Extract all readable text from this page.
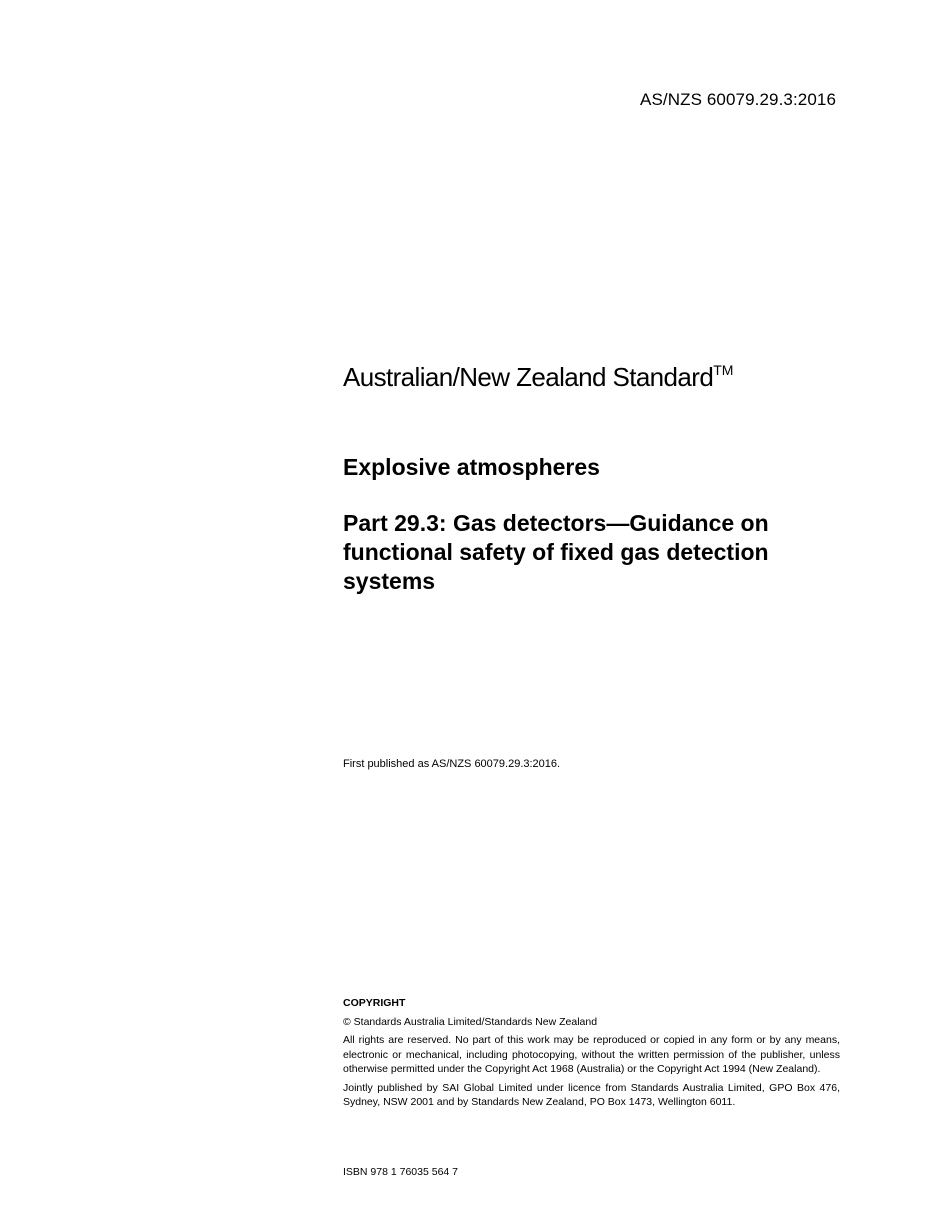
AS/NZS 60079.29.3:2016
Australian/New Zealand Standard™
Explosive atmospheres
Part 29.3: Gas detectors—Guidance on functional safety of fixed gas detection systems
First published as AS/NZS 60079.29.3:2016.
COPYRIGHT

© Standards Australia Limited/Standards New Zealand

All rights are reserved. No part of this work may be reproduced or copied in any form or by any means, electronic or mechanical, including photocopying, without the written permission of the publisher, unless otherwise permitted under the Copyright Act 1968 (Australia) or the Copyright Act 1994 (New Zealand).

Jointly published by SAI Global Limited under licence from Standards Australia Limited, GPO Box 476, Sydney, NSW 2001 and by Standards New Zealand, PO Box 1473, Wellington 6011.

ISBN 978 1 76035 564 7
